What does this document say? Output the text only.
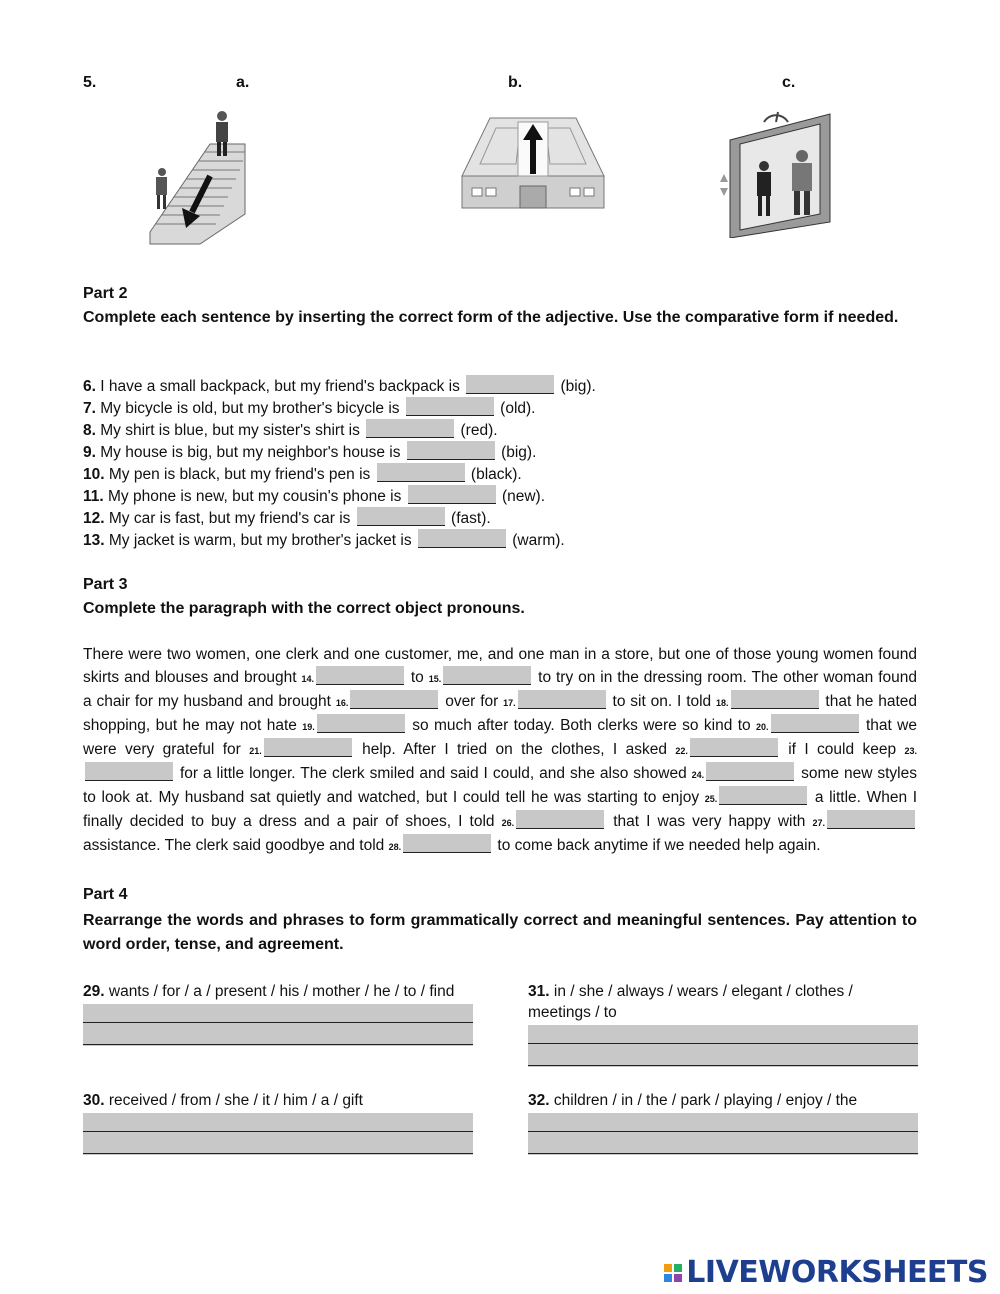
5.	a.	b.	c.
Part 2
Complete each sentence by inserting the correct form of the adjective. Use the comparative form if needed.
6. I have a small backpack, but my friend's backpack is	(big).
7. My bicycle is old, but my brother's bicycle is	(old).
8. My shirt is blue, but my sister's shirt is	(red).
9. My house is big, but my neighbor's house is	(big).
10. My pen is black, but my friend's pen is	(black).
11. My phone is new, but my cousin's phone is	(new).
12. My car is fast, but my friend's car is	(fast).
13. My jacket is warm, but my brother's jacket is	(warm).
Part 3
Complete the paragraph with the correct object pronouns.
There were two women, one clerk and one customer, me, and one man in a store, but one of those young women found skirts and blouses and brought 14.	to 15.	to try on in the dressing room. The other woman found a chair for my husband and brought 16.	over for 17.	to sit on. I told 18.	that he hated shopping, but he may not hate 19.	so much after today. Both clerks were so kind to 20.	that we were very grateful for 21.	help. After I tried on the clothes, I asked 22.	if I could keep 23. for a little longer. The clerk smiled and said I could, and she also showed 24.	some new styles to look at. My husband sat quietly and watched, but I could tell he was starting to enjoy 25.	a little. When I finally decided to buy a dress and a pair of shoes, I told 26.	that I was very happy with 27. assistance. The clerk said goodbye and told 28.	to come back anytime if we needed help again.
Part 4
Rearrange the words and phrases to form grammatically correct and meaningful sentences. Pay attention to word order, tense, and agreement.
29. wants / for / a / present / his / mother / he / to / find	31. in / she / always / wears / elegant / clothes / meetings / to
30. received / from / she / it / him / a / gift	32. children / in / the / park / playing / enjoy / the
LIVEWORKSHEETS
